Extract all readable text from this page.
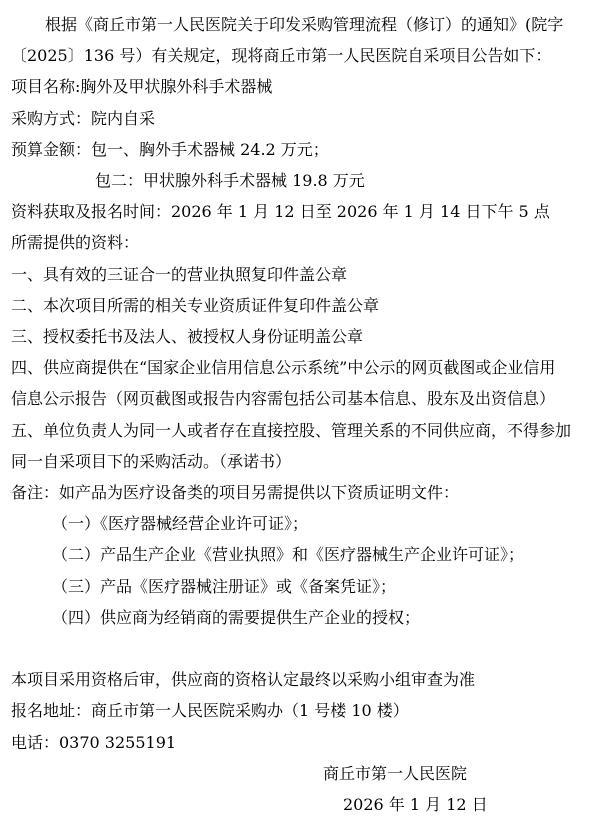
根据《商丘市第一人民医院关于印发采购管理流程（修订）的通知》(院字

〔2025〕136 号）有关规定，现将商丘市第一人民医院自采项目公告如下：

项目名称:胸外及甲状腺外科手术器械

采购方式：院内自采

预算金额：包一、胸外手术器械 24.2 万元；

包二：甲状腺外科手术器械 19.8 万元

资料获取及报名时间：2026 年 1 月 12 日至 2026 年 1 月 14 日下午 5 点

所需提供的资料：

一、具有效的三证合一的营业执照复印件盖公章

二、本次项目所需的相关专业资质证件复印件盖公章

三、授权委托书及法人、被授权人身份证明盖公章

四、供应商提供在“国家企业信用信息公示系统”中公示的网页截图或企业信用

信息公示报告（网页截图或报告内容需包括公司基本信息、股东及出资信息）

五、单位负责人为同一人或者存在直接控股、管理关系的不同供应商，不得参加

同一自采项目下的采购活动。（承诺书）

备注：如产品为医疗设备类的项目另需提供以下资质证明文件：

（一）《医疗器械经营企业许可证》；

（二）产品生产企业《营业执照》和《医疗器械生产企业许可证》；

（三）产品《医疗器械注册证》或《备案凭证》；

（四）供应商为经销商的需要提供生产企业的授权；

本项目采用资格后审，供应商的资格认定最终以采购小组审查为准

报名地址：商丘市第一人民医院采购办（1 号楼 10 楼）

电话：0370 3255191

商丘市第一人民医院

2026 年 1 月 12 日
